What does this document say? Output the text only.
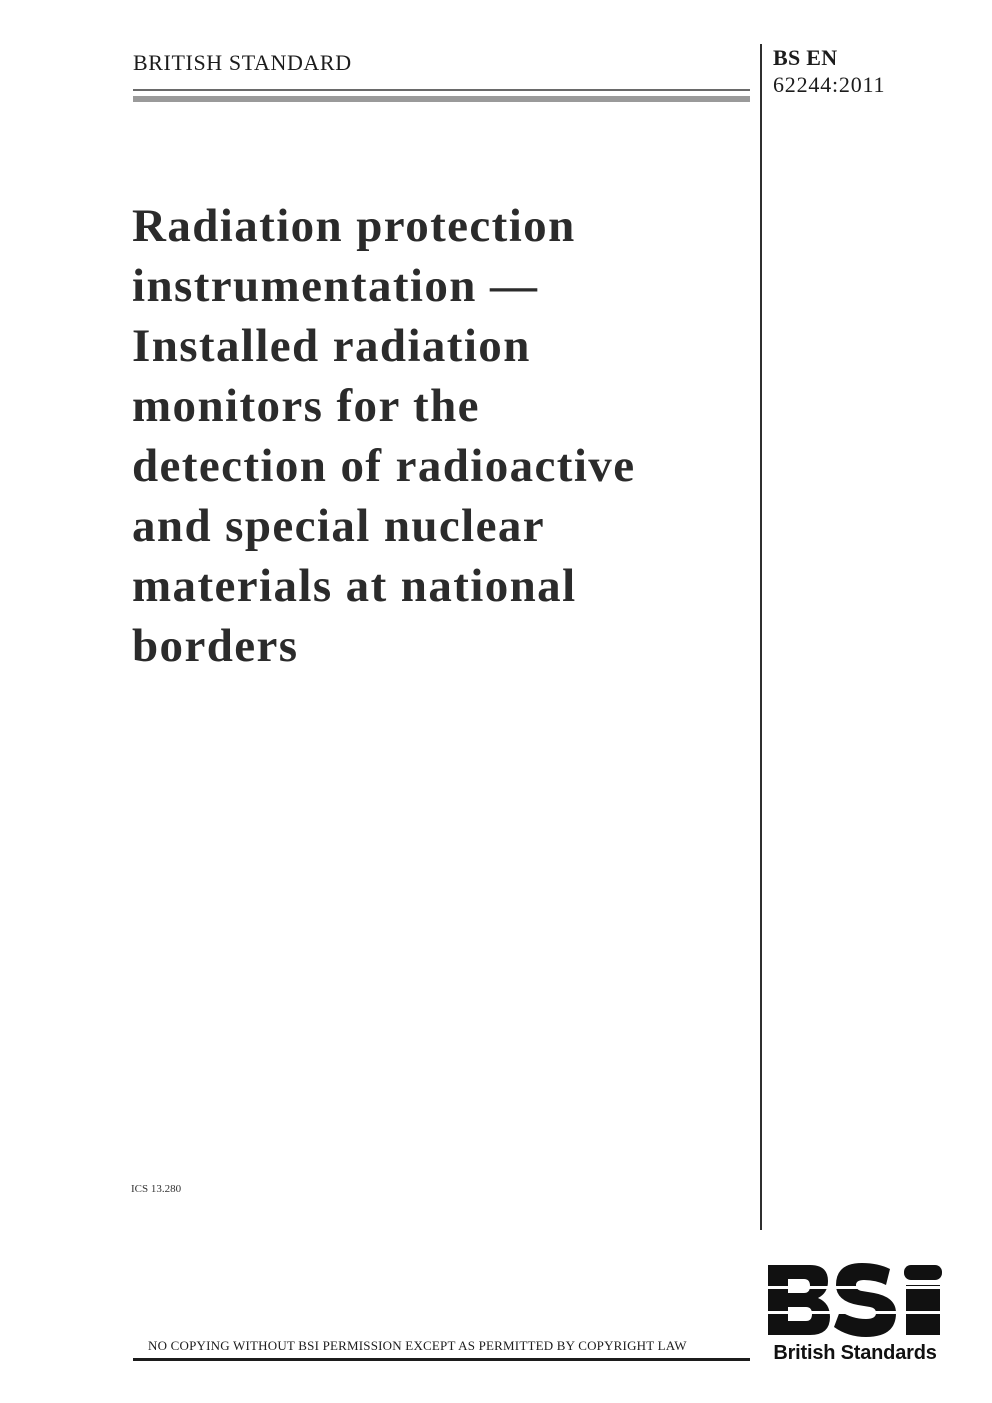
BRITISH STANDARD	BS EN
62244:2011
Radiation protection
instrumentation —
Installed radiation
monitors for the
detection of radioactive
and special nuclear
materials at national
borders
ICS 13.280
NO COPYING WITHOUT BSI PERMISSION EXCEPT AS PERMITTED BY COPYRIGHT LAW	British Standards
